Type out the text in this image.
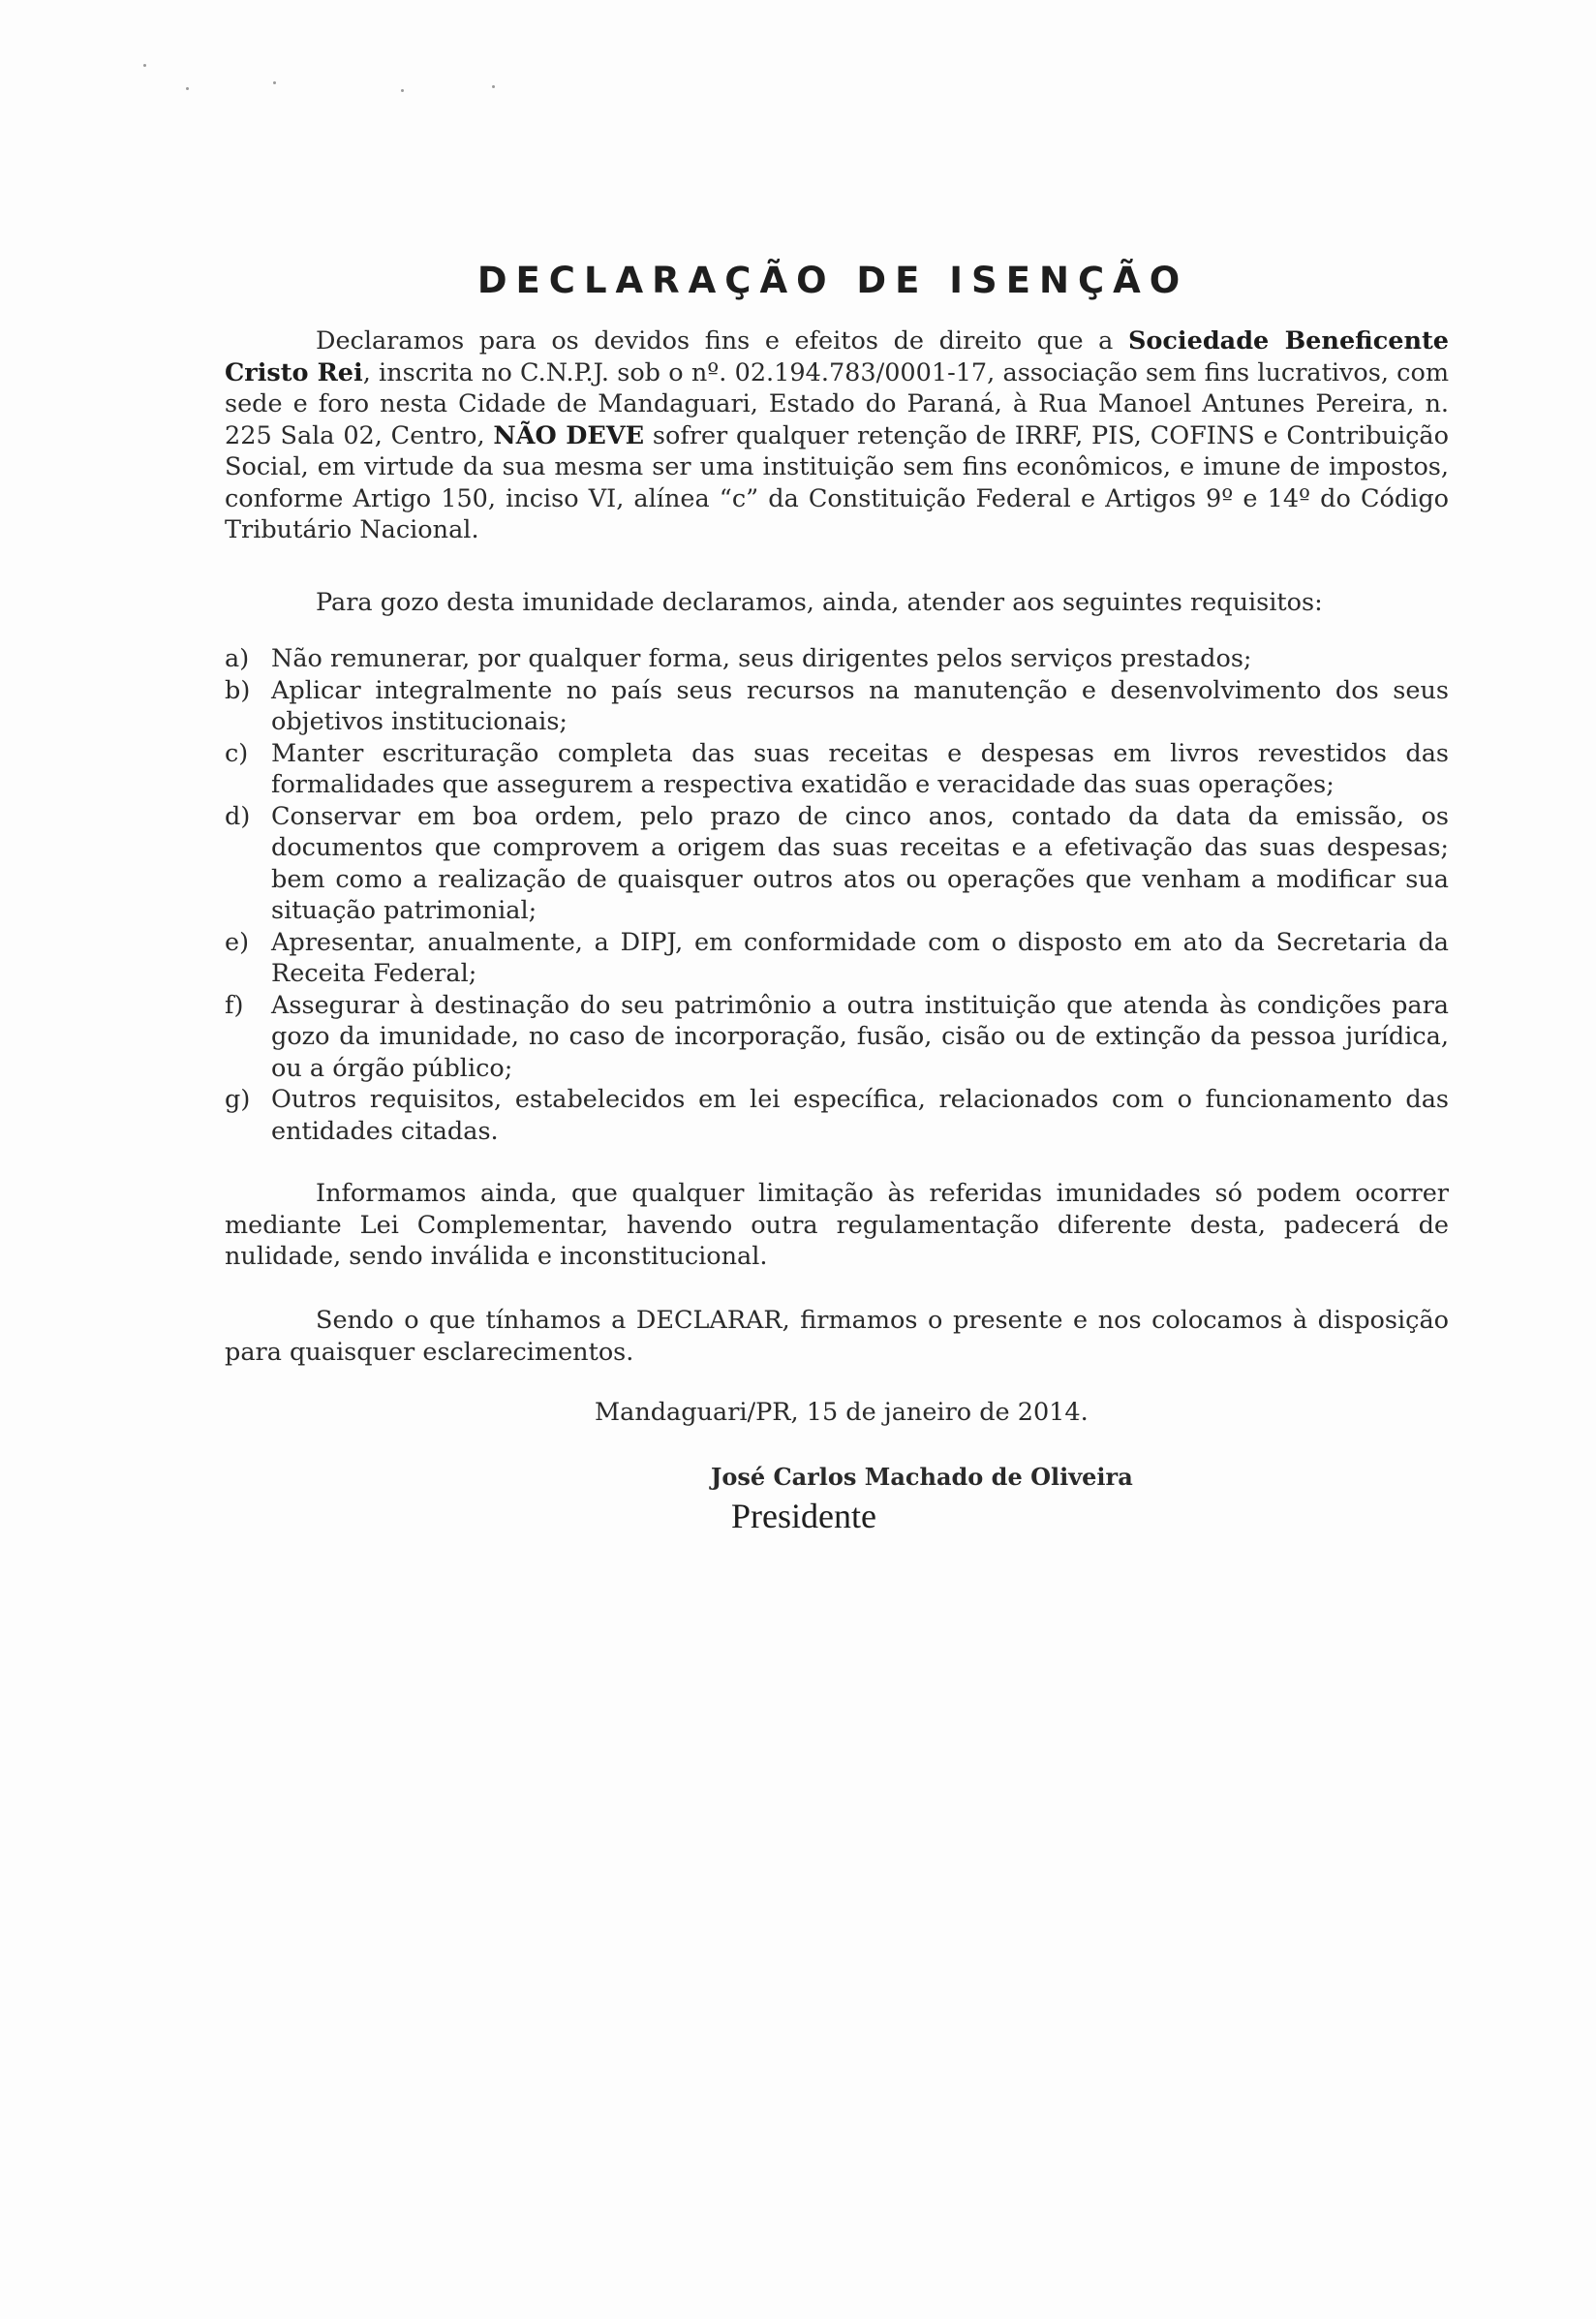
DECLARAÇÃO DE ISENÇÃO

Declaramos para os devidos fins e efeitos de direito que a Sociedade Beneficente Cristo Rei, inscrita no C.N.P.J. sob o nº. 02.194.783/0001-17, associação sem fins lucrativos, com sede e foro nesta Cidade de Mandaguari, Estado do Paraná, à Rua Manoel Antunes Pereira, n. 225 Sala 02, Centro, NÃO DEVE sofrer qualquer retenção de IRRF, PIS, COFINS e Contribuição Social, em virtude da sua mesma ser uma instituição sem fins econômicos, e imune de impostos, conforme Artigo 150, inciso VI, alínea “c” da Constituição Federal e Artigos 9º e 14º do Código Tributário Nacional.

Para gozo desta imunidade declaramos, ainda, atender aos seguintes requisitos:

a) Não remunerar, por qualquer forma, seus dirigentes pelos serviços prestados;
b) Aplicar integralmente no país seus recursos na manutenção e desenvolvimento dos seus objetivos institucionais;
c) Manter escrituração completa das suas receitas e despesas em livros revestidos das formalidades que assegurem a respectiva exatidão e veracidade das suas operações;
d) Conservar em boa ordem, pelo prazo de cinco anos, contado da data da emissão, os documentos que comprovem a origem das suas receitas e a efetivação das suas despesas; bem como a realização de quaisquer outros atos ou operações que venham a modificar sua situação patrimonial;
e) Apresentar, anualmente, a DIPJ, em conformidade com o disposto em ato da Secretaria da Receita Federal;
f)	Assegurar à destinação do seu patrimônio a outra instituição que atenda às condições para gozo da imunidade, no caso de incorporação, fusão, cisão ou de extinção da pessoa jurídica, ou a órgão público;
g) Outros requisitos, estabelecidos em lei específica, relacionados com o funcionamento das entidades citadas.

Informamos ainda, que qualquer limitação às referidas imunidades só podem ocorrer mediante Lei Complementar, havendo outra regulamentação diferente desta, padecerá de nulidade, sendo inválida e inconstitucional.

Sendo o que tínhamos a DECLARAR, firmamos o presente e nos colocamos à disposição para quaisquer esclarecimentos.

Mandaguari/PR, 15 de janeiro de 2014.
José Carlos Machado de Oliveira
Presidente
